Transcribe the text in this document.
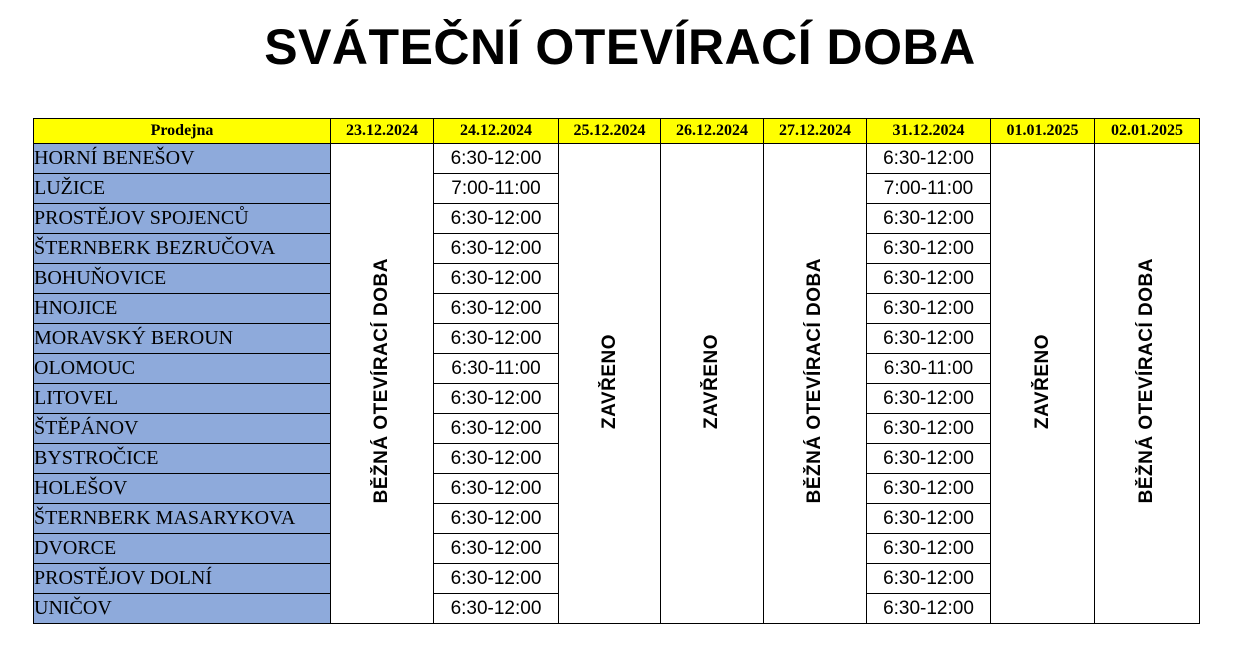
SVÁTEČNÍ OTEVÍRACÍ DOBA
Prodejna	23.12.2024	24.12.2024	25.12.2024	26.12.2024	27.12.2024	31.12.2024	01.01.2025	02.01.2025
HORNÍ BENEŠOV	BĚŽNÁ OTEVÍRACÍ DOBA	6:30-12:00	ZAVŘENO	ZAVŘENO	BĚŽNÁ OTEVÍRACÍ DOBA	6:30-12:00	ZAVŘENO	BĚŽNÁ OTEVÍRACÍ DOBA
LUŽICE		7:00-11:00				7:00-11:00		
PROSTĚJOV SPOJENCŮ		6:30-12:00				6:30-12:00		
ŠTERNBERK BEZRUČOVA		6:30-12:00				6:30-12:00		
BOHUŇOVICE		6:30-12:00				6:30-12:00		
HNOJICE		6:30-12:00				6:30-12:00		
MORAVSKÝ BEROUN		6:30-12:00				6:30-12:00		
OLOMOUC		6:30-11:00				6:30-11:00		
LITOVEL		6:30-12:00				6:30-12:00		
ŠTĚPÁNOV		6:30-12:00				6:30-12:00		
BYSTROČICE		6:30-12:00				6:30-12:00		
HOLEŠOV		6:30-12:00				6:30-12:00		
ŠTERNBERK MASARYKOVA		6:30-12:00				6:30-12:00		
DVORCE		6:30-12:00				6:30-12:00		
PROSTĚJOV DOLNÍ		6:30-12:00				6:30-12:00		
UNIČOV		6:30-12:00				6:30-12:00		
